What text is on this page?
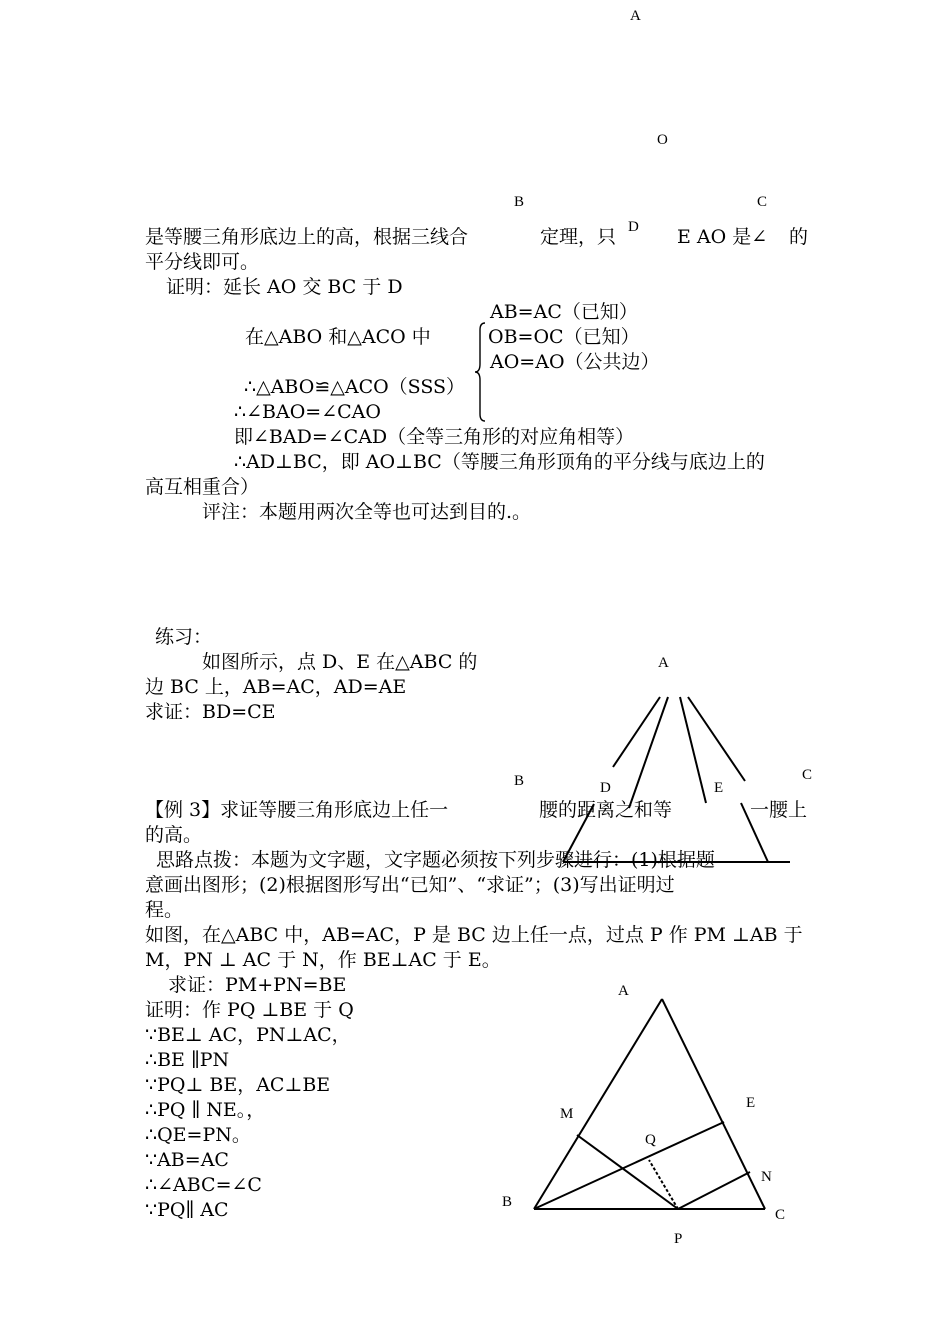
A
O
B	C
是等腰三角形底边上的高，根据三线合	定理，只 D E AO 是∠ 的
平分线即可。
证明：延长 AO 交 BC 于 D
AB=AC（已知）
在△ABO 和△ACO 中	OB=OC（已知）
AO=AO（公共边）
∴△ABO≌△ACO（SSS）
∴∠BAO=∠CAO
即∠BAD=∠CAD（全等三角形的对应角相等）
∴AD⊥BC，即 AO⊥BC（等腰三角形顶角的平分线与底边上的
高互相重合）
评注：本题用两次全等也可达到目的.。
练习：
如图所示，点 D、E 在△ABC 的
边 BC 上，AB=AC，AD=AE
求证：BD=CE
A
B	D	E
C
【例 3】求证等腰三角形底边上任一	腰的距离之和等	一腰上
的高。
思路点拨：本题为文字题，文字题必须按下列步骤进行：(1)根据题
意画出图形；(2)根据图形写出“已知”、“求证”；(3)写出证明过
程。
如图，在△ABC 中，AB=AC，P 是 BC 边上任一点，过点 P 作 PM ⊥AB 于
M，PN ⊥ AC 于 N，作 BE⊥AC 于 E。
求证：PM+PN=BE
证明：作 PQ ⊥BE 于 Q
∵BE⊥ AC，PN⊥AC，
∴BE ∥PN
∵PQ⊥ BE，AC⊥BE
∴PQ ∥ NE。，
∴QE=PN。
∵AB=AC
∴∠ABC=∠C
∵PQ∥ AC
A
E
M
Q
N
B
C
P
